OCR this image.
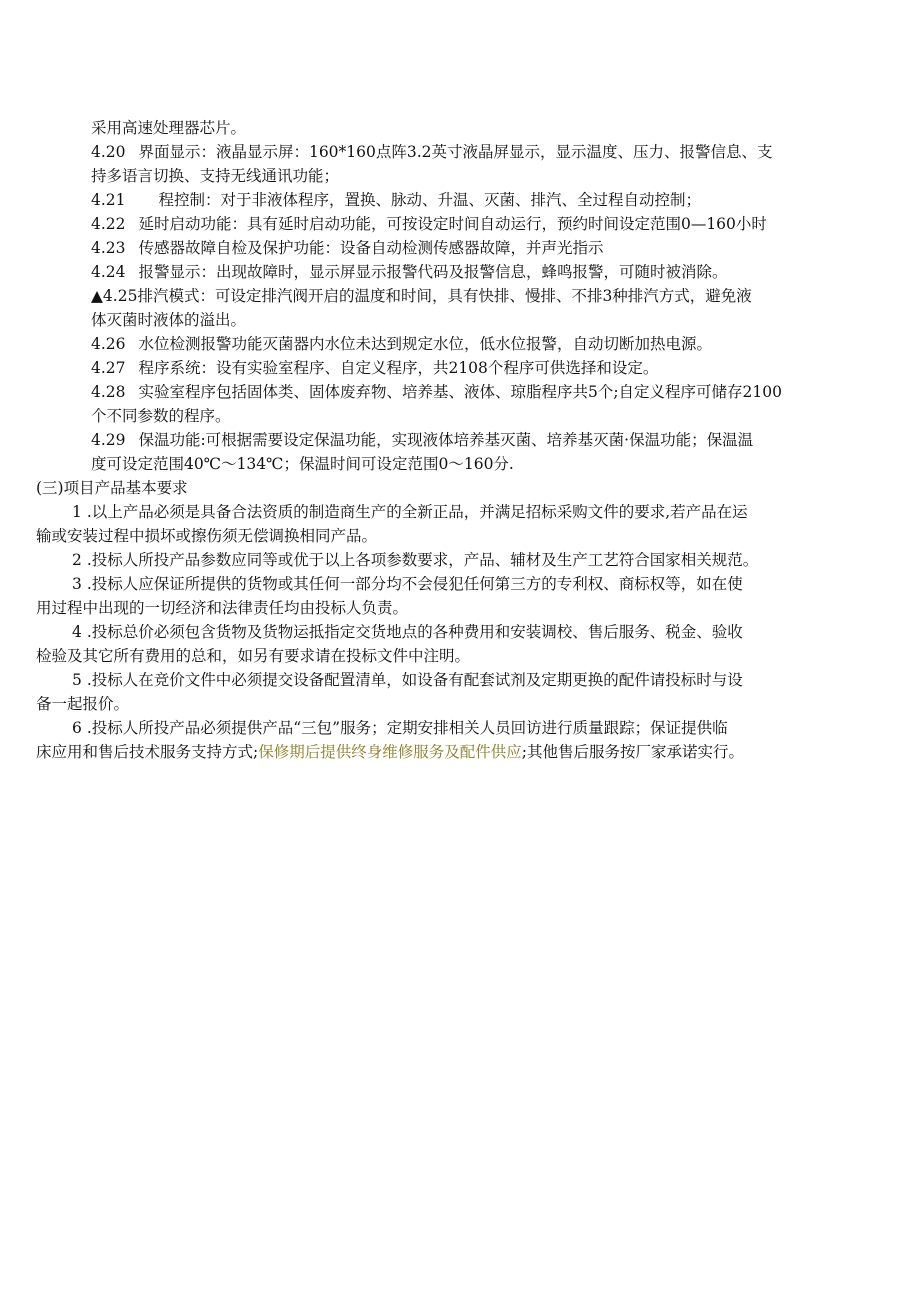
采用高速处理器芯片。
4.20 界面显示：液晶显示屏：160*160点阵3.2英寸液晶屏显示，显示温度、压力、报警信息、支
持多语言切换、支持无线通讯功能；
4.21 程控制：对于非液体程序，置换、脉动、升温、灭菌、排汽、全过程自动控制；
4.22 延时启动功能：具有延时启动功能，可按设定时间自动运行，预约时间设定范围0—160小时
4.23 传感器故障自检及保护功能：设备自动检测传感器故障，并声光指示
4.24 报警显示：出现故障时，显示屏显示报警代码及报警信息，蜂鸣报警，可随时被消除。
▲4.25排汽模式：可设定排汽阀开启的温度和时间，具有快排、慢排、不排3种排汽方式，避免液
体灭菌时液体的溢出。
4.26 水位检测报警功能灭菌器内水位未达到规定水位，低水位报警，自动切断加热电源。
4.27 程序系统：设有实验室程序、自定义程序，共2108个程序可供选择和设定。
4.28 实验室程序包括固体类、固体废弃物、培养基、液体、琼脂程序共5个;自定义程序可储存2100
个不同参数的程序。
4.29 保温功能:可根据需要设定保温功能，实现液体培养基灭菌、培养基灭菌·保温功能；保温温
度可设定范围40℃～134℃；保温时间可设定范围0～160分.
(三)项目产品基本要求
1 .以上产品必须是具备合法资质的制造商生产的全新正品，并满足招标采购文件的要求,若产品在运
输或安装过程中损坏或擦伤须无偿调换相同产品。
2 .投标人所投产品参数应同等或优于以上各项参数要求，产品、辅材及生产工艺符合国家相关规范。
3 .投标人应保证所提供的货物或其任何一部分均不会侵犯任何第三方的专利权、商标权等，如在使
用过程中出现的一切经济和法律责任均由投标人负责。
4 .投标总价必须包含货物及货物运抵指定交货地点的各种费用和安装调校、售后服务、税金、验收
检验及其它所有费用的总和，如另有要求请在投标文件中注明。
5 .投标人在竞价文件中必须提交设备配置清单，如设备有配套试剂及定期更换的配件请投标时与设
备一起报价。
6 .投标人所投产品必须提供产品“三包”服务；定期安排相关人员回访进行质量跟踪；保证提供临
床应用和售后技术服务支持方式;保修期后提供终身维修服务及配件供应;其他售后服务按厂家承诺实行。
